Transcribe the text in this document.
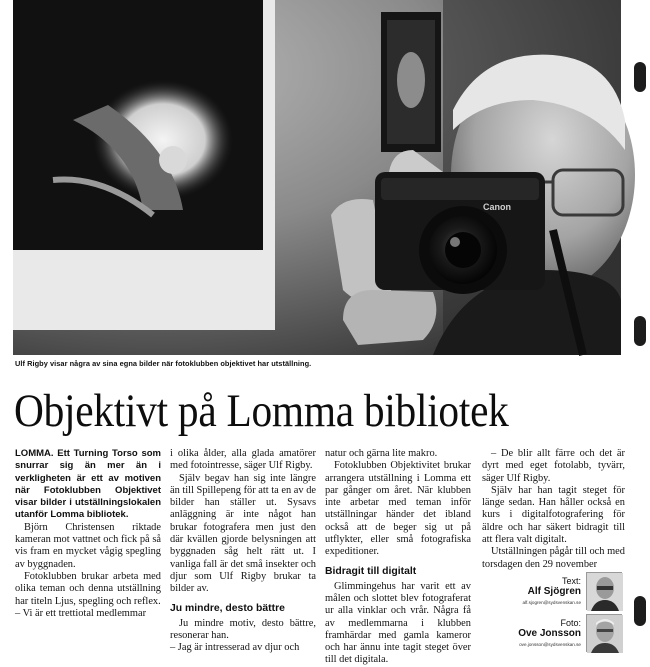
Canon
Ulf Rigby visar några av sina egna bilder när fotoklubben objektivet har utställning.
Objektivt på Lomma bibliotek

LOMMA. Ett Turning Torso som snurrar sig än mer än i verkligheten är ett av motiven när Fotoklubben Objektivet visar bilder i utställningslokalen utanför Lomma bibliotek.

Björn Christensen riktade kameran mot vattnet och fick på så vis fram en mycket vågig spegling av byggnaden.

Fotoklubben brukar arbeta med olika teman och denna utställning har titeln Ljus, spegling och reflex.

– Vi är ett trettiotal medlemmar

i olika ålder, alla glada amatörer med fotointresse, säger Ulf Rigby.

Själv begav han sig inte längre än till Spillepeng för att ta en av de bilder han ställer ut. Sysavs anläggning är inte något han brukar fotografera men just den där kvällen gjorde belysningen att byggnaden såg helt rätt ut. I vanliga fall är det små insekter och djur som Ulf Rigby brukar ta bilder av.

Ju mindre, desto bättre

Ju mindre motiv, desto bättre, resonerar han.

– Jag är intresserad av djur och

natur och gärna lite makro.

Fotoklubben Objektivitet brukar arrangera utställning i Lomma ett par gånger om året. När klubben inte arbetar med teman inför utställningar händer det ibland också att de beger sig ut på utflykter, eller små fotografiska expeditioner.

Bidragit till digitalt

Glimmingehus har varit ett av målen och slottet blev fotograferat ur alla vinklar och vrår. Några få av medlemmarna i klubben framhärdar med gamla kameror och har ännu inte tagit steget över till det digitala.

– De blir allt färre och det är dyrt med eget fotolabb, tyvärr, säger Ulf Rigby.

Själv har han tagit steget för länge sedan. Han håller också en kurs i digitalfotografering för äldre och har säkert bidragit till att flera valt digitalt.

Utställningen pågår till och med torsdagen den 29 november

Text:
Alf Sjögren
alf.sjogren@sydsvenskan.se
Foto:
Ove Jonsson
ove.jonsson@sydsvenskan.se
